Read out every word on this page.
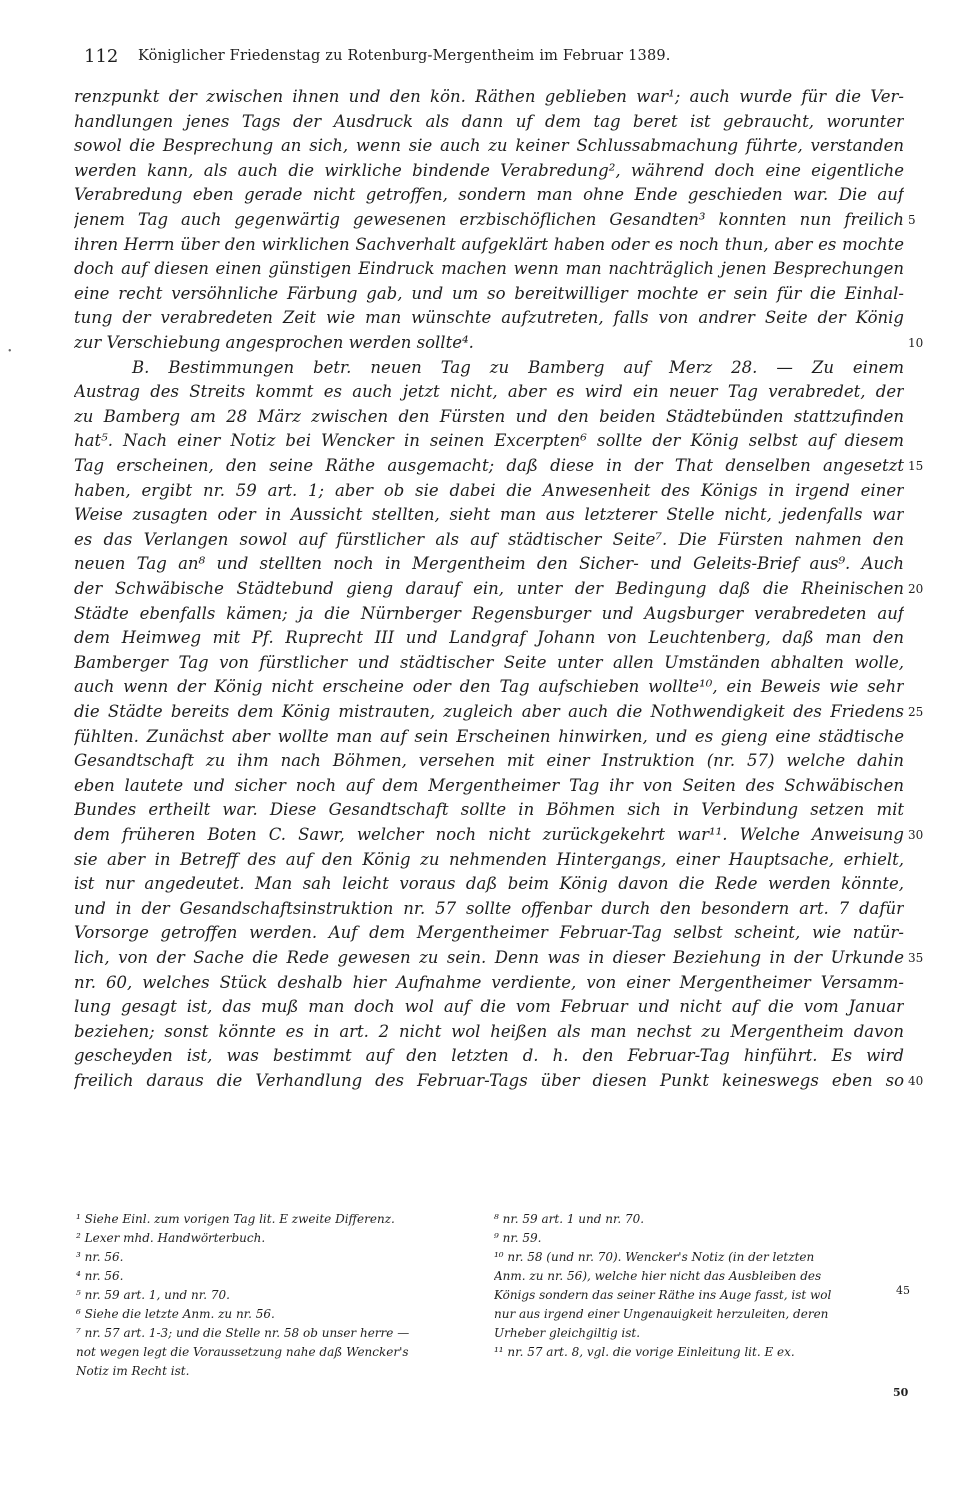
112 Königlicher Friedenstag zu Rotenburg-Mergentheim im Februar 1389.
•
renzpunkt der zwischen ihnen und den kön. Räthen geblieben war¹; auch wurde für die Ver-
handlungen jenes Tags der Ausdruck als dann uf dem tag beret ist gebraucht, worunter
sowol die Besprechung an sich, wenn sie auch zu keiner Schlussabmachung führte, verstanden
werden kann, als auch die wirkliche bindende Verabredung², während doch eine eigentliche
Verabredung eben gerade nicht getroffen, sondern man ohne Ende geschieden war. Die auf
jenem Tag auch gegenwärtig gewesenen erzbischöflichen Gesandten³ konnten nun freilich
ihren Herrn über den wirklichen Sachverhalt aufgeklärt haben oder es noch thun, aber es mochte
doch auf diesen einen günstigen Eindruck machen wenn man nachträglich jenen Besprechungen
eine recht versöhnliche Färbung gab, und um so bereitwilliger mochte er sein für die Einhal-
tung der verabredeten Zeit wie man wünschte aufzutreten, falls von andrer Seite der König
zur Verschiebung angesprochen werden sollte⁴.
B. Bestimmungen betr. neuen Tag zu Bamberg auf Merz 28. — Zu einem
Austrag des Streits kommt es auch jetzt nicht, aber es wird ein neuer Tag verabredet, der
zu Bamberg am 28 März zwischen den Fürsten und den beiden Städtebünden stattzufinden
hat⁵. Nach einer Notiz bei Wencker in seinen Excerpten⁶ sollte der König selbst auf diesem
Tag erscheinen, den seine Räthe ausgemacht; daß diese in der That denselben angesetzt
haben, ergibt nr. 59 art. 1; aber ob sie dabei die Anwesenheit des Königs in irgend einer
Weise zusagten oder in Aussicht stellten, sieht man aus letzterer Stelle nicht, jedenfalls war
es das Verlangen sowol auf fürstlicher als auf städtischer Seite⁷. Die Fürsten nahmen den
neuen Tag an⁸ und stellten noch in Mergentheim den Sicher- und Geleits-Brief aus⁹. Auch
der Schwäbische Städtebund gieng darauf ein, unter der Bedingung daß die Rheinischen
Städte ebenfalls kämen; ja die Nürnberger Regensburger und Augsburger verabredeten auf
dem Heimweg mit Pf. Ruprecht III und Landgraf Johann von Leuchtenberg, daß man den
Bamberger Tag von fürstlicher und städtischer Seite unter allen Umständen abhalten wolle,
auch wenn der König nicht erscheine oder den Tag aufschieben wollte¹⁰, ein Beweis wie sehr
die Städte bereits dem König mistrauten, zugleich aber auch die Nothwendigkeit des Friedens
fühlten. Zunächst aber wollte man auf sein Erscheinen hinwirken, und es gieng eine städtische
Gesandtschaft zu ihm nach Böhmen, versehen mit einer Instruktion (nr. 57) welche dahin
eben lautete und sicher noch auf dem Mergentheimer Tag ihr von Seiten des Schwäbischen
Bundes ertheilt war. Diese Gesandtschaft sollte in Böhmen sich in Verbindung setzen mit
dem früheren Boten C. Sawr, welcher noch nicht zurückgekehrt war¹¹. Welche Anweisung
sie aber in Betreff des auf den König zu nehmenden Hintergangs, einer Hauptsache, erhielt,
ist nur angedeutet. Man sah leicht voraus daß beim König davon die Rede werden könnte,
und in der Gesandschaftsinstruktion nr. 57 sollte offenbar durch den besondern art. 7 dafür
Vorsorge getroffen werden. Auf dem Mergentheimer Februar-Tag selbst scheint, wie natür-
lich, von der Sache die Rede gewesen zu sein. Denn was in dieser Beziehung in der Urkunde
nr. 60, welches Stück deshalb hier Aufnahme verdiente, von einer Mergentheimer Versamm-
lung gesagt ist, das muß man doch wol auf die vom Februar und nicht auf die vom Januar
beziehen; sonst könnte es in art. 2 nicht wol heißen als man nechst zu Mergentheim davon
gescheyden ist, was bestimmt auf den letzten d. h. den Februar-Tag hinführt. Es wird
freilich daraus die Verhandlung des Februar-Tags über diesen Punkt keineswegs eben so
5
10
15
20
25
30
35
40
¹ Siehe Einl. zum vorigen Tag lit. E zweite Differenz.
² Lexer mhd. Handwörterbuch.
³ nr. 56.
⁴ nr. 56.
⁵ nr. 59 art. 1, und nr. 70.
⁶ Siehe die letzte Anm. zu nr. 56.
⁷ nr. 57 art. 1-3; und die Stelle nr. 58 ob unser herre —
not wegen legt die Voraussetzung nahe daß Wencker's
Notiz im Recht ist.
⁸ nr. 59 art. 1 und nr. 70.
⁹ nr. 59.
¹⁰ nr. 58 (und nr. 70). Wencker's Notiz (in der letzten
Anm. zu nr. 56), welche hier nicht das Ausbleiben des
Königs sondern das seiner Räthe ins Auge fasst, ist wol
nur aus irgend einer Ungenauigkeit herzuleiten, deren
Urheber gleichgiltig ist.
¹¹ nr. 57 art. 8, vgl. die vorige Einleitung lit. E ex.
45
50
